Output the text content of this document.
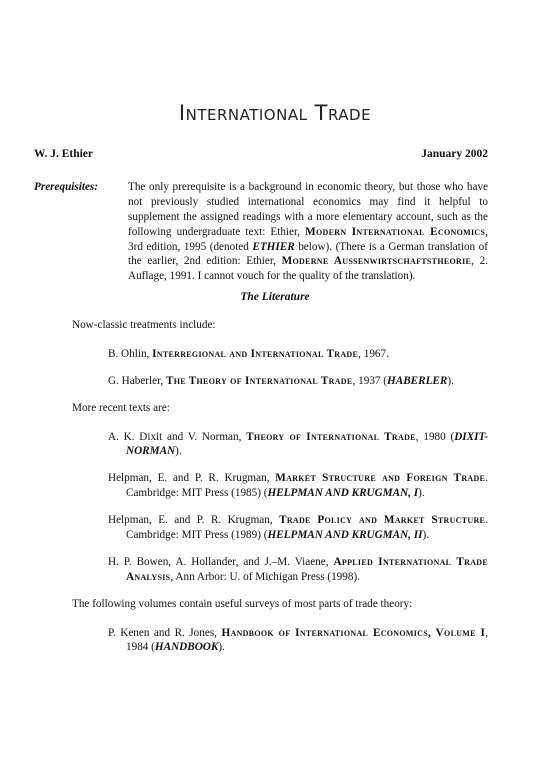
International Trade
W. J. Ethier	January 2002
Prerequisites:	The only prerequisite is a background in economic theory, but those who have not previously studied international economics may find it helpful to supplement the assigned readings with a more elementary account, such as the following undergraduate text: Ethier, Modern International Economics, 3rd edition, 1995 (denoted ETHIER below). (There is a German translation of the earlier, 2nd edition: Ethier, Moderne Aussenwirtschaftstheorie, 2. Auflage, 1991. I cannot vouch for the quality of the translation).
The Literature

Now-classic treatments include:

B. Ohlin, Interregional and International Trade, 1967.

G. Haberler, The Theory of International Trade, 1937 (HABERLER).

More recent texts are:

A. K. Dixit and V. Norman, Theory of International Trade, 1980 (DIXIT-NORMAN).

Helpman, E. and P. R. Krugman, Market Structure and Foreign Trade. Cambridge: MIT Press (1985) (HELPMAN AND KRUGMAN, I).

Helpman, E. and P. R. Krugman, Trade Policy and Market Structure. Cambridge: MIT Press (1989) (HELPMAN AND KRUGMAN, II).

H. P. Bowen, A. Hollander, and J.–M. Viaene, Applied International Trade Analysis, Ann Arbor: U. of Michigan Press (1998).

The following volumes contain useful surveys of most parts of trade theory:

P. Kenen and R. Jones, Handbook of International Economics, Volume I, 1984 (HANDBOOK).
